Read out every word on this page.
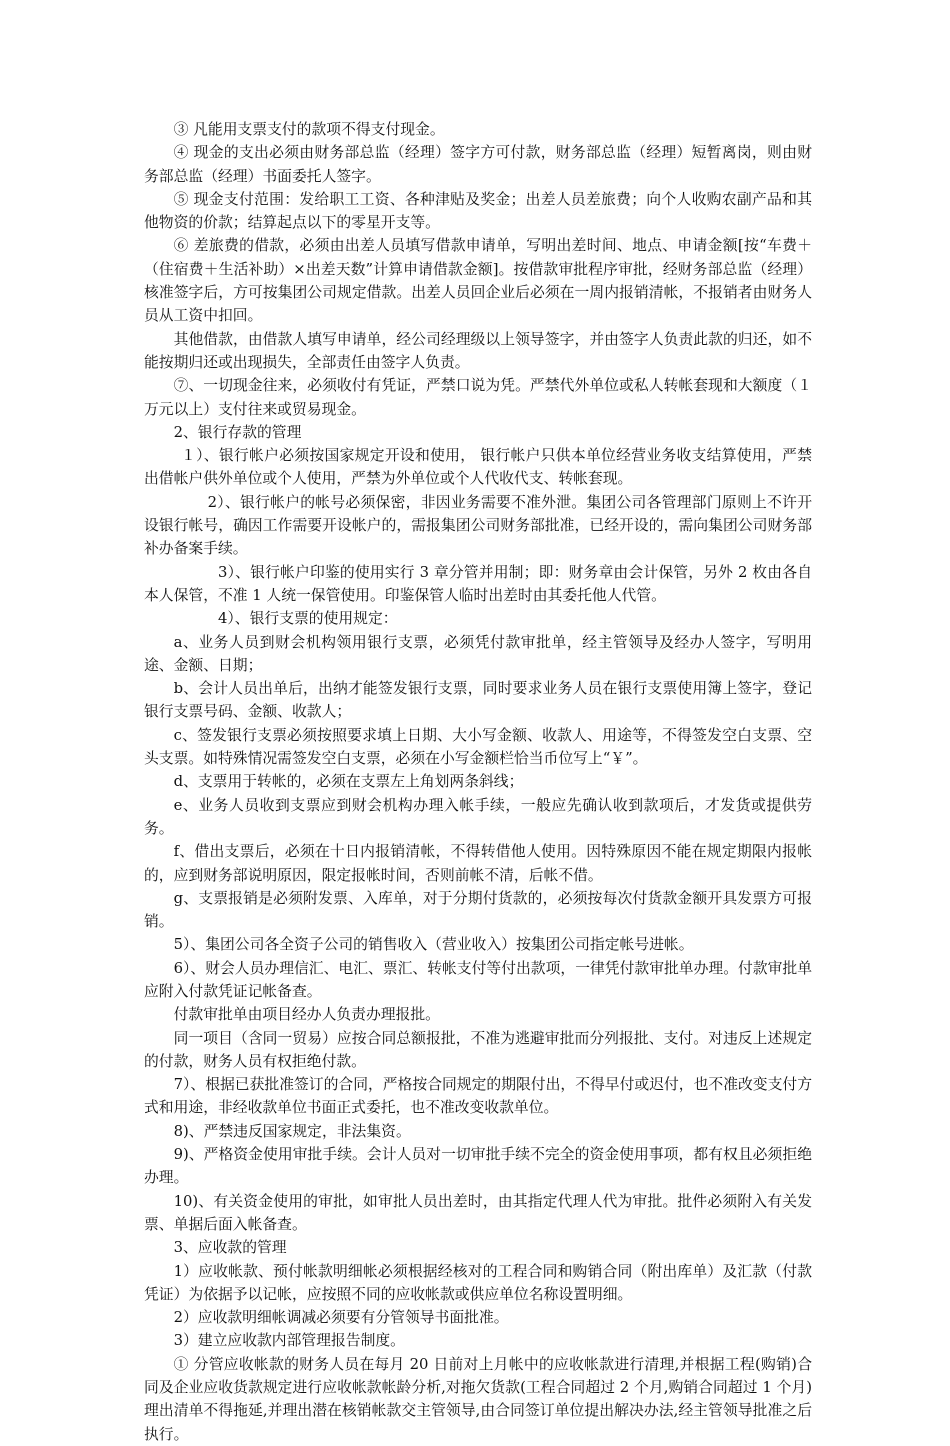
③ 凡能用支票支付的款项不得支付现金。

④ 现金的支出必须由财务部总监（经理）签字方可付款，财务部总监（经理）短暂离岗，则由财务部总监（经理）书面委托人签字。

⑤ 现金支付范围：发给职工工资、各种津贴及奖金；出差人员差旅费；向个人收购农副产品和其他物资的价款；结算起点以下的零星开支等。

⑥ 差旅费的借款，必须由出差人员填写借款申请单，写明出差时间、地点、申请金额[按“车费＋（住宿费＋生活补助）×出差天数”计算申请借款金额]。按借款审批程序审批，经财务部总监（经理）核准签字后，方可按集团公司规定借款。出差人员回企业后必须在一周内报销清帐，不报销者由财务人员从工资中扣回。

其他借款，由借款人填写申请单，经公司经理级以上领导签字，并由签字人负责此款的归还，如不能按期归还或出现损失，全部责任由签字人负责。

⑦、一切现金往来，必须收付有凭证，严禁口说为凭。严禁代外单位或私人转帐套现和大额度（１万元以上）支付往来或贸易现金。

2、银行存款的管理

１）、银行帐户必须按国家规定开设和使用， 银行帐户只供本单位经营业务收支结算使用，严禁出借帐户供外单位或个人使用，严禁为外单位或个人代收代支、转帐套现。

2）、银行帐户的帐号必须保密，非因业务需要不准外泄。集团公司各管理部门原则上不许开设银行帐号，确因工作需要开设帐户的，需报集团公司财务部批准，已经开设的，需向集团公司财务部补办备案手续。

3）、银行帐户印鉴的使用实行 3 章分管并用制；即：财务章由会计保管，另外 2 枚由各自本人保管，不准 1 人统一保管使用。印鉴保管人临时出差时由其委托他人代管。

4）、银行支票的使用规定：

a、业务人员到财会机构领用银行支票，必须凭付款审批单，经主管领导及经办人签字，写明用途、金额、日期；

b、会计人员出单后，出纳才能签发银行支票，同时要求业务人员在银行支票使用簿上签字，登记银行支票号码、金额、收款人；

c、签发银行支票必须按照要求填上日期、大小写金额、收款人、用途等，不得签发空白支票、空头支票。如特殊情况需签发空白支票，必须在小写金额栏恰当币位写上“￥”。

d、支票用于转帐的，必须在支票左上角划两条斜线；

e、业务人员收到支票应到财会机构办理入帐手续，一般应先确认收到款项后，才发货或提供劳务。

f、借出支票后，必须在十日内报销清帐，不得转借他人使用。因特殊原因不能在规定期限内报帐的，应到财务部说明原因，限定报帐时间，否则前帐不清，后帐不借。

g、支票报销是必须附发票、入库单，对于分期付货款的，必须按每次付货款金额开具发票方可报销。

5）、集团公司各全资子公司的销售收入（营业收入）按集团公司指定帐号进帐。

6）、财会人员办理信汇、电汇、票汇、转帐支付等付出款项，一律凭付款审批单办理。付款审批单应附入付款凭证记帐备查。

付款审批单由项目经办人负责办理报批。

同一项目（含同一贸易）应按合同总额报批，不准为逃避审批而分列报批、支付。对违反上述规定的付款，财务人员有权拒绝付款。

7）、根据已获批准签订的合同，严格按合同规定的期限付出，不得早付或迟付，也不准改变支付方式和用途，非经收款单位书面正式委托，也不准改变收款单位。

8)、严禁违反国家规定，非法集资。

9)、严格资金使用审批手续。会计人员对一切审批手续不完全的资金使用事项，都有权且必须拒绝办理。

10)、有关资金使用的审批，如审批人员出差时，由其指定代理人代为审批。批件必须附入有关发票、单据后面入帐备查。

3、应收款的管理

1）应收帐款、预付帐款明细帐必须根据经核对的工程合同和购销合同（附出库单）及汇款（付款凭证）为依据予以记帐，应按照不同的应收帐款或供应单位名称设置明细。

2）应收款明细帐调减必须要有分管领导书面批准。

3）建立应收款内部管理报告制度。

① 分管应收帐款的财务人员在每月 20 日前对上月帐中的应收帐款进行清理,并根据工程(购销)合同及企业应收货款规定进行应收帐款帐龄分析,对拖欠货款(工程合同超过 2 个月,购销合同超过 1 个月)理出清单不得拖延,并理出潜在核销帐款交主管领导,由合同签订单位提出解决办法,经主管领导批准之后执行。
